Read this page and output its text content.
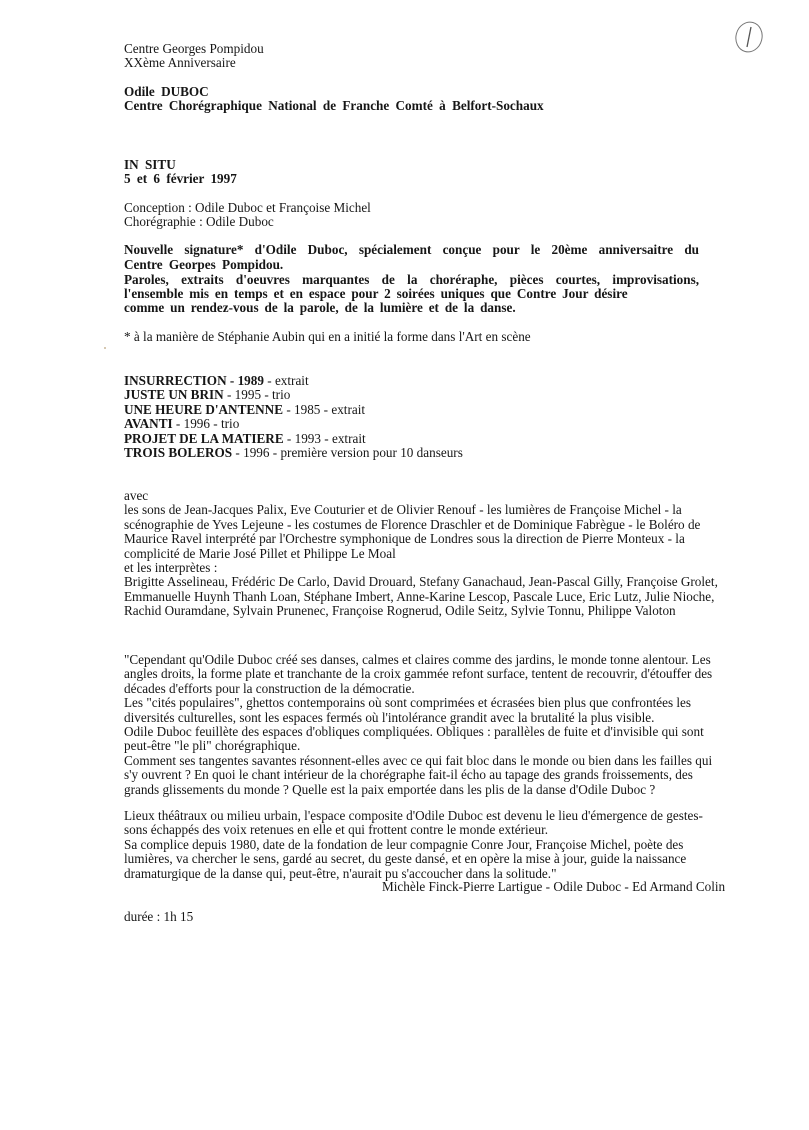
Centre Georges Pompidou
XXème Anniversaire
Odile DUBOC
Centre Chorégraphique National de Franche Comté à Belfort-Sochaux
IN SITU
5 et 6 février 1997
Conception : Odile Duboc et Françoise Michel
Chorégraphie : Odile Duboc
Nouvelle signature* d'Odile Duboc, spécialement conçue pour le 20ème anniversaitre du
Centre Georpes Pompidou.
Paroles, extraits d'oeuvres marquantes de la choréraphe, pièces courtes, improvisations,
l'ensemble mis en temps et en espace pour 2 soirées uniques que Contre Jour désire
comme un rendez-vous de la parole, de la lumière et de la danse.
* à la manière de Stéphanie Aubin qui en a initié la forme dans l'Art en scène
INSURRECTION - 1989 - extrait
JUSTE UN BRIN - 1995 - trio
UNE HEURE D'ANTENNE - 1985 - extrait
AVANTI - 1996 - trio
PROJET DE LA MATIERE - 1993 - extrait
TROIS BOLEROS - 1996 - première version pour 10 danseurs
avec
les sons de Jean-Jacques Palix, Eve Couturier et de Olivier Renouf - les lumières de Françoise Michel - la
scénographie de Yves Lejeune - les costumes de Florence Draschler et de Dominique Fabrègue - le Boléro de
Maurice Ravel interprété par l'Orchestre symphonique de Londres sous la direction de Pierre Monteux - la
complicité de Marie José Pillet et Philippe Le Moal
et les interprètes :
Brigitte Asselineau, Frédéric De Carlo, David Drouard, Stefany Ganachaud, Jean-Pascal Gilly, Françoise Grolet,
Emmanuelle Huynh Thanh Loan, Stéphane Imbert, Anne-Karine Lescop, Pascale Luce, Eric Lutz, Julie Nioche,
Rachid Ouramdane, Sylvain Prunenec, Françoise Rognerud, Odile Seitz, Sylvie Tonnu, Philippe Valoton
"Cependant qu'Odile Duboc créé ses danses, calmes et claires comme des jardins, le monde tonne alentour. Les
angles droits, la forme plate et tranchante de la croix gammée refont surface, tentent de recouvrir, d'étouffer des
décades d'efforts pour la construction de la démocratie.
Les "cités populaires", ghettos contemporains où sont comprimées et écrasées bien plus que confrontées les
diversités culturelles, sont les espaces fermés où l'intolérance grandit avec la brutalité la plus visible.
Odile Duboc feuillète des espaces d'obliques compliquées. Obliques : parallèles de fuite et d'invisible qui sont
peut-être "le pli" chorégraphique.
Comment ses tangentes savantes résonnent-elles avec ce qui fait bloc dans le monde ou bien dans les failles qui
s'y ouvrent ? En quoi le chant intérieur de la chorégraphe fait-il écho au tapage des grands froissements, des
grands glissements du monde ? Quelle est la paix emportée dans les plis de la danse d'Odile Duboc ?
Lieux théâtraux ou milieu urbain, l'espace composite d'Odile Duboc est devenu le lieu d'émergence de gestes-
sons échappés des voix retenues en elle et qui frottent contre le monde extérieur.
Sa complice depuis 1980, date de la fondation de leur compagnie Conre Jour, Françoise Michel, poète des
lumières, va chercher le sens, gardé au secret, du geste dansé, et en opère la mise à jour, guide la naissance
dramaturgique de la danse qui, peut-être, n'aurait pu s'accoucher dans la solitude."
Michèle Finck-Pierre Lartigue - Odile Duboc - Ed Armand Colin
durée : 1h 15
